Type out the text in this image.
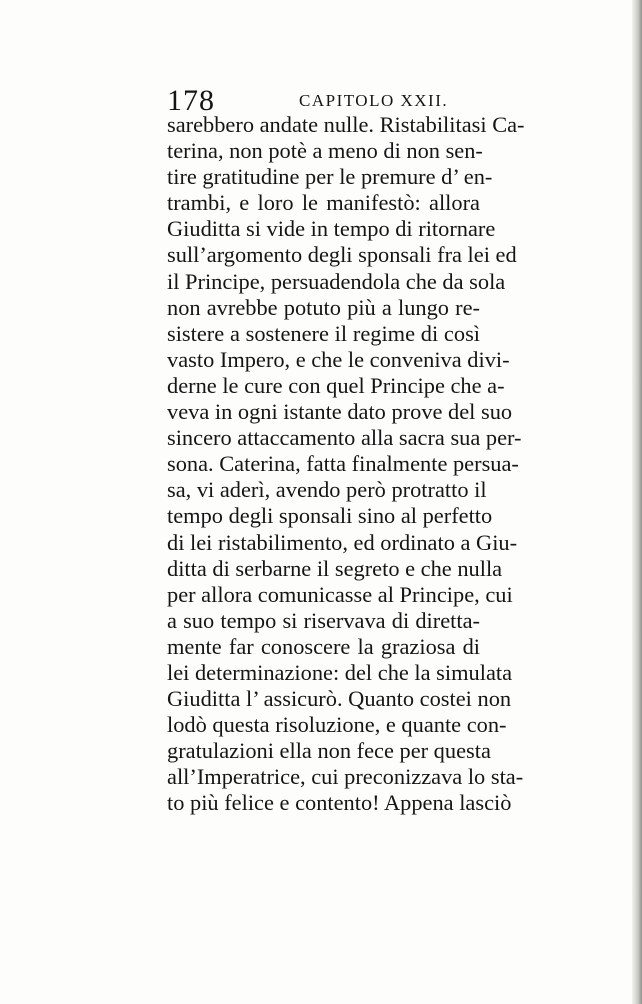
178	CAPITOLO XXII.
sarebbero andate nulle. Ristabilitasi Ca-
terina, non potè a meno di non sen-
tire gratitudine per le premure d’ en-
trambi, e loro le manifestò: allora
Giuditta si vide in tempo di ritornare
sull’argomento degli sponsali fra lei ed
il Principe, persuadendola che da sola
non avrebbe potuto più a lungo re-
sistere a sostenere il regime di così
vasto Impero, e che le conveniva divi-
derne le cure con quel Principe che a-
veva in ogni istante dato prove del suo
sincero attaccamento alla sacra sua per-
sona. Caterina, fatta finalmente persua-
sa, vi aderì, avendo però protratto il
tempo degli sponsali sino al perfetto
di lei ristabilimento, ed ordinato a Giu-
ditta di serbarne il segreto e che nulla
per allora comunicasse al Principe, cui
a suo tempo si riservava di diretta-
mente far conoscere la graziosa di
lei determinazione: del che la simulata
Giuditta l’ assicurò. Quanto costei non
lodò questa risoluzione, e quante con-
gratulazioni ella non fece per questa
all’Imperatrice, cui preconizzava lo sta-
to più felice e contento! Appena lasciò
